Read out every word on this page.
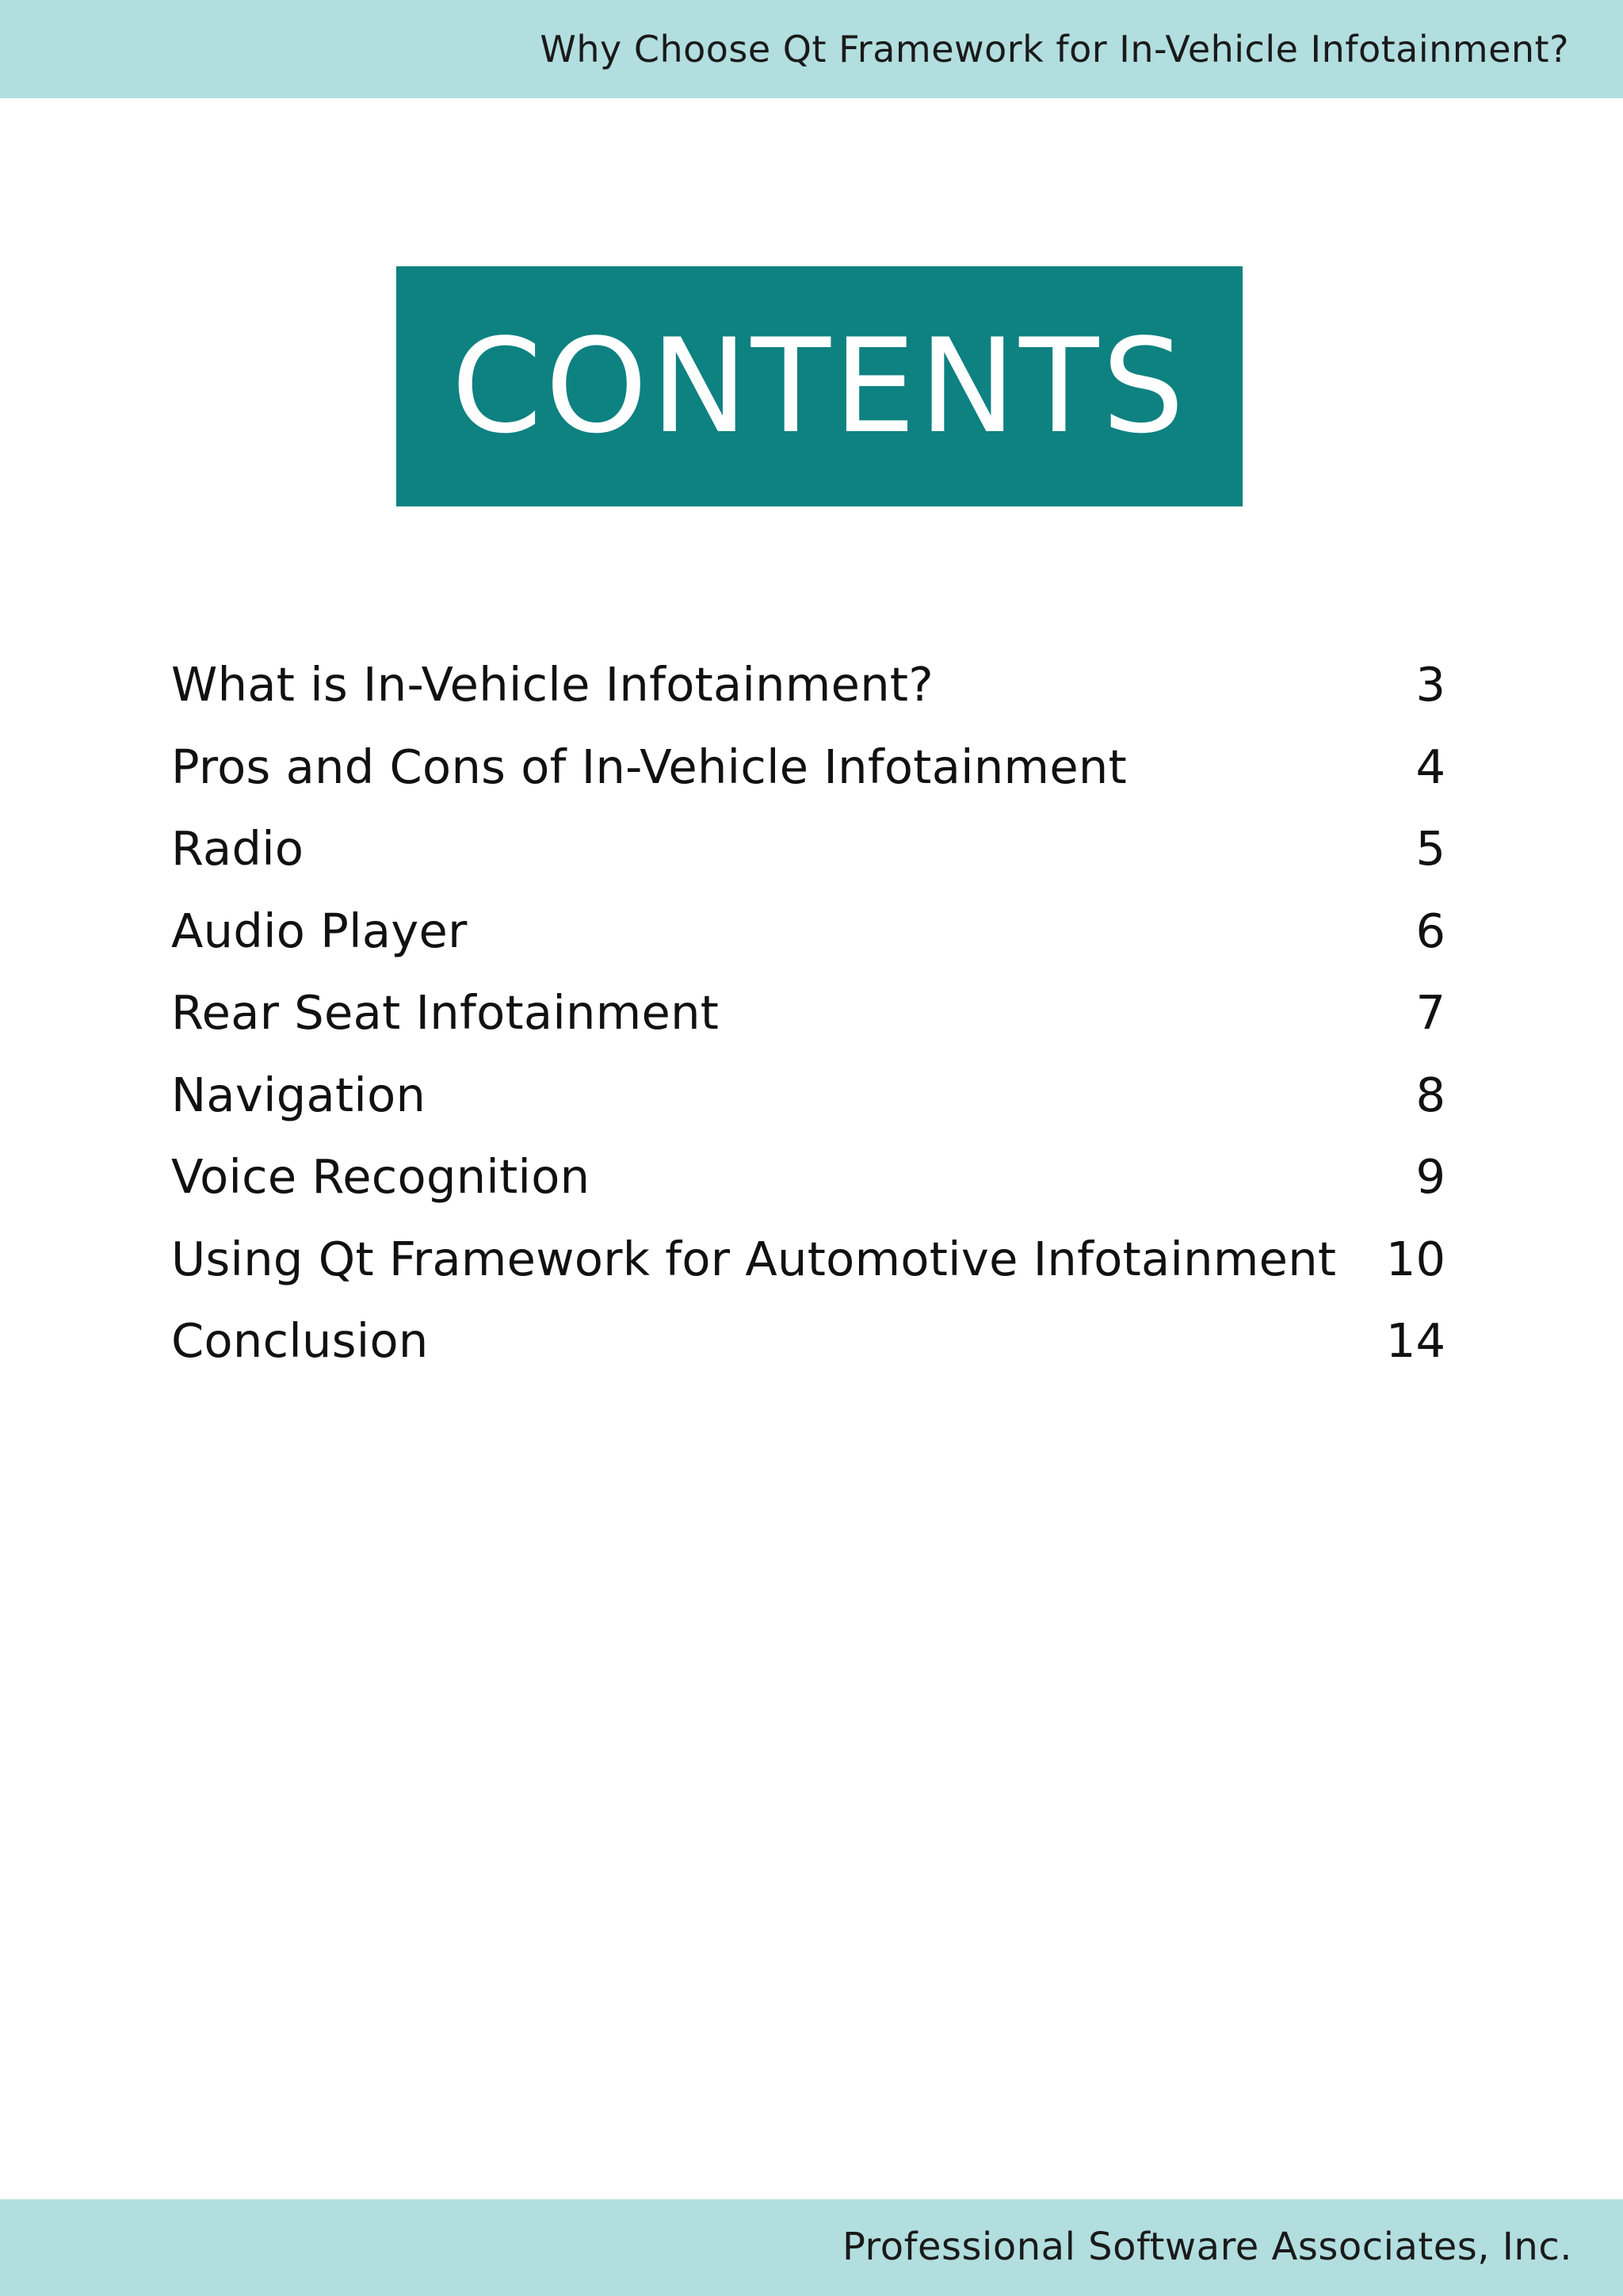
Why Choose Qt Framework for In-Vehicle Infotainment?
CONTENTS
What is In-Vehicle Infotainment?	3
Pros and Cons of In-Vehicle Infotainment	4
Radio	5
Audio Player	6
Rear Seat Infotainment	7
Navigation	8
Voice Recognition	9
Using Qt Framework for Automotive Infotainment 10
Conclusion	14
Professional Software Associates, Inc.
